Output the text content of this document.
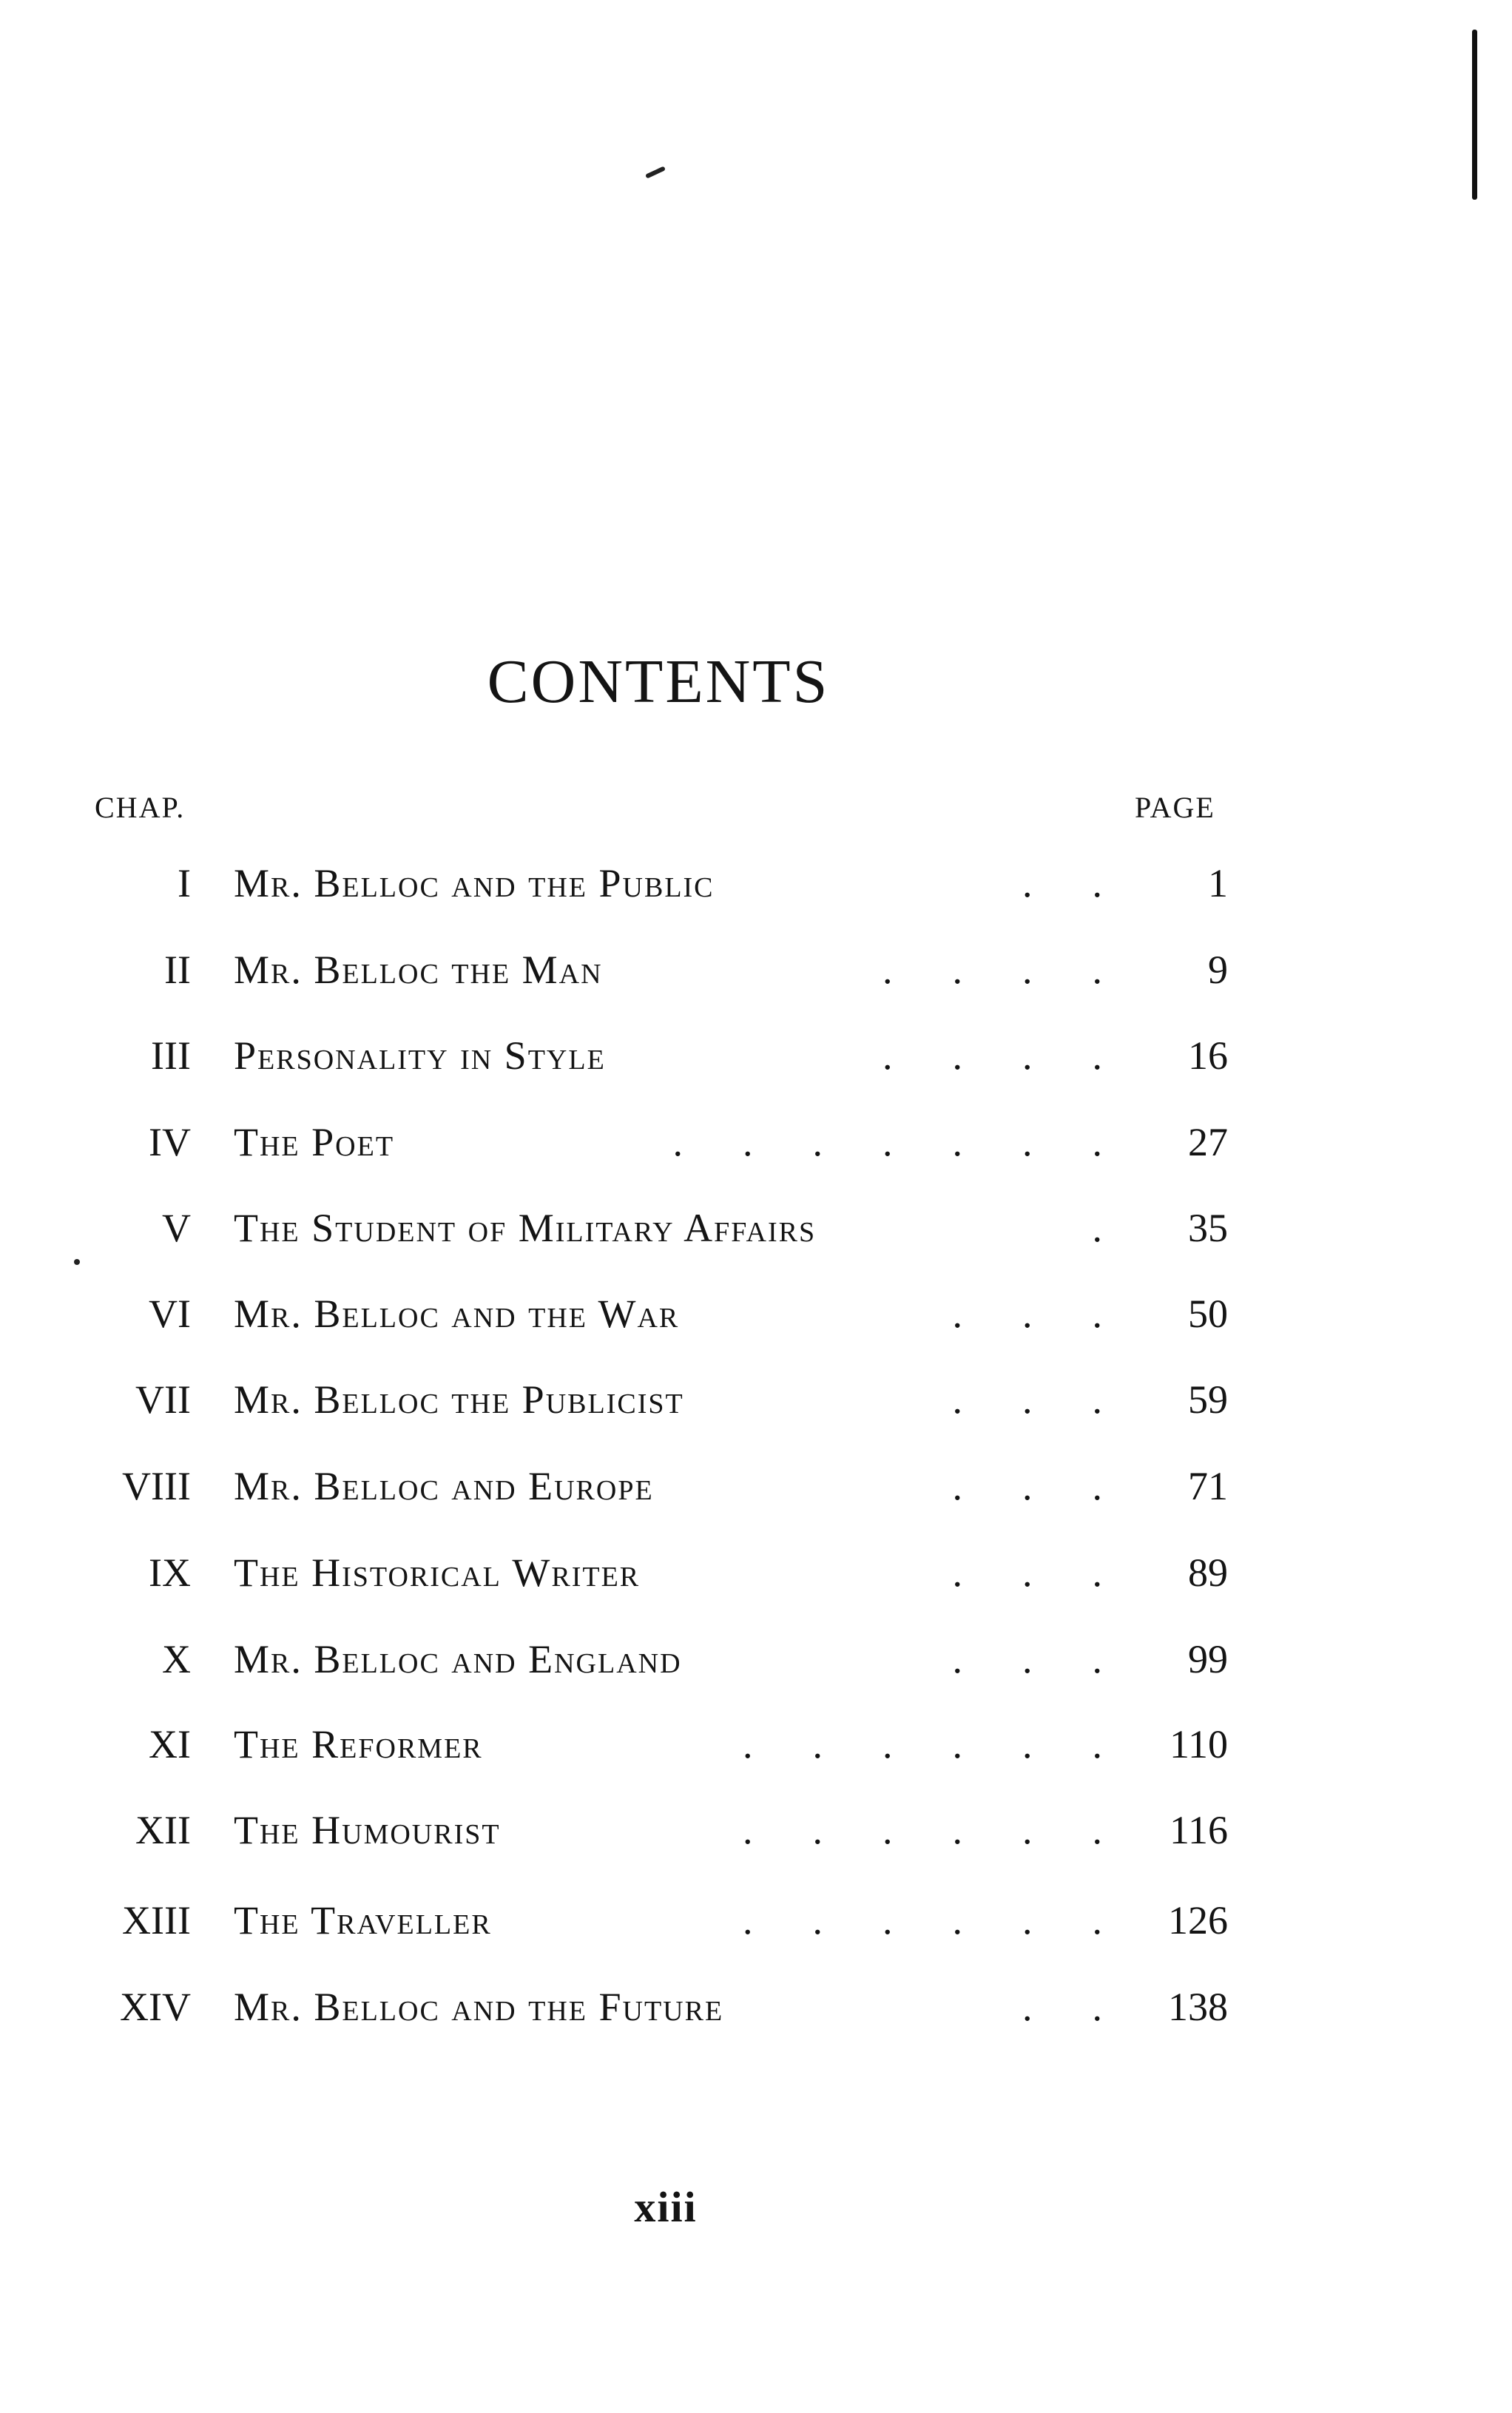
CONTENTS
CHAP.	PAGE
I Mr. Belloc and the Public	.      .	1
II Mr. Belloc the Man	.      .      .      .	9
III Personality in Style	.      .      .      . 16
IV The Poet	.      .      .      .      .      .      . 27
V The Student of Military Affairs	. 35
VI Mr. Belloc and the War	.      .      . 50
VII Mr. Belloc the Publicist	.      .      . 59
VIII Mr. Belloc and Europe	.      .      . 71
IX The Historical Writer	.      .      . 89
X Mr. Belloc and England	.      .      . 99
XI The Reformer	.      .      .      .      .      . 110
XII The Humourist	.      .      .      .      .      . 116
XIII The Traveller	.      .      .      .      .      . 126
XIV Mr. Belloc and the Future	.      . 138
xiii
